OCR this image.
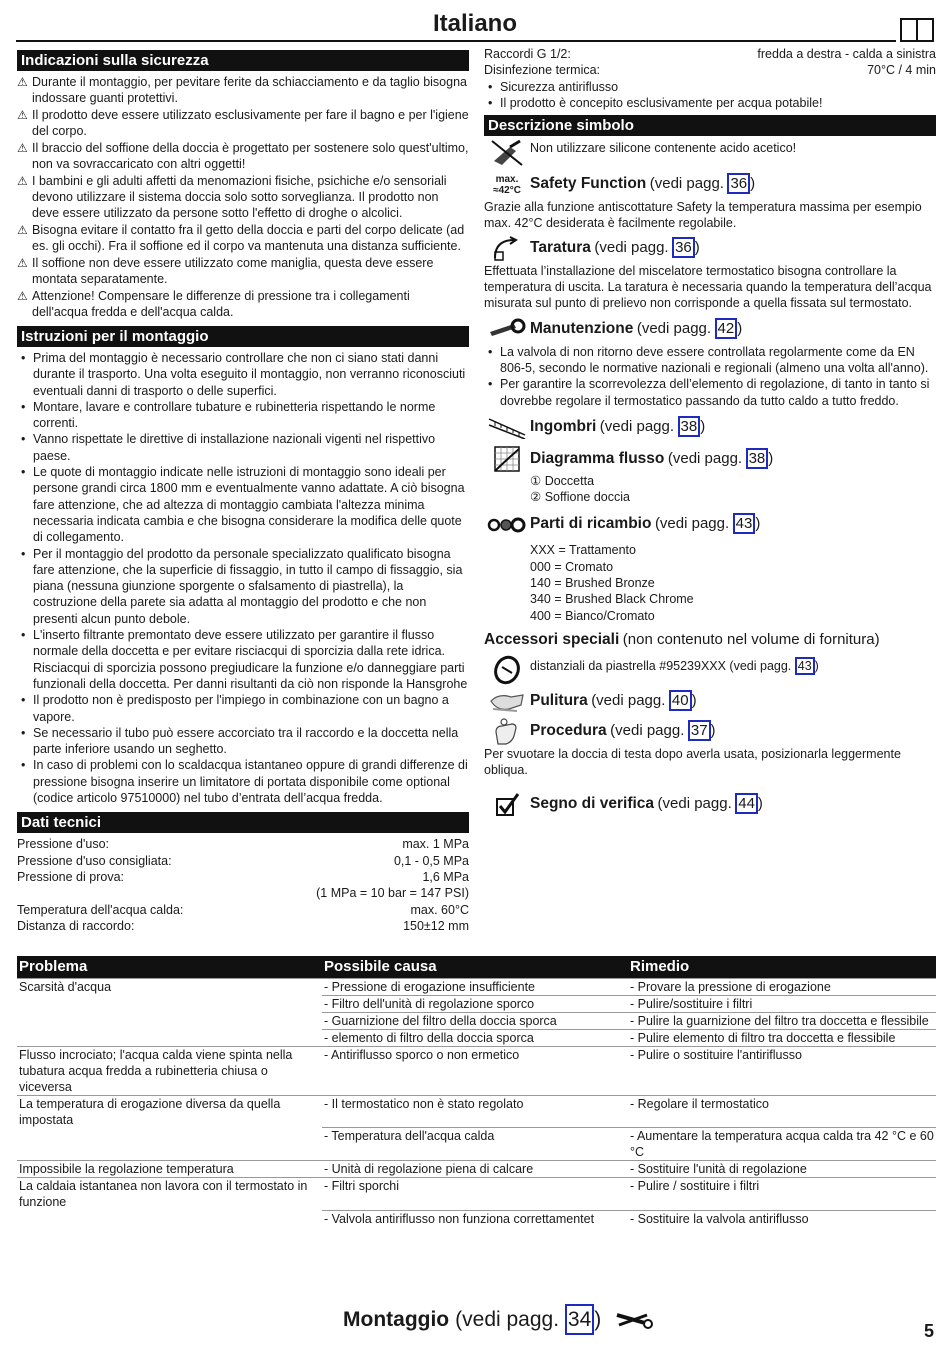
Italiano
Indicazioni sulla sicurezza
⚠ Durante il montaggio, per pevitare ferite da schiacciamento e da taglio bisogna indossare guanti protettivi.
⚠ Il prodotto deve essere utilizzato esclusivamente per fare il bagno e per l'igiene del corpo.
⚠ Il braccio del soffione della doccia è progettato per sostenere solo quest'ultimo, non va sovraccaricato con altri oggetti!
⚠ I bambini e gli adulti affetti da menomazioni fisiche, psichiche e/o sensoriali devono utilizzare il sistema doccia solo sotto sorveglianza. Il prodotto non deve essere utilizzato da persone sotto l'effetto di droghe o alcolici.
⚠ Bisogna evitare il contatto fra il getto della doccia e parti del corpo delicate (ad es. gli occhi). Fra il soffione ed il corpo va mantenuta una distanza sufficiente.
⚠ Il soffione non deve essere utilizzato come maniglia, questa deve essere montata separatamente.
⚠ Attenzione! Compensare le differenze di pressione tra i collegamenti dell'acqua fredda e dell'acqua calda.
Istruzioni per il montaggio
• Prima del montaggio è necessario controllare che non ci siano stati danni durante il trasporto. Una volta eseguito il montaggio, non verranno riconosciuti eventuali danni di trasporto o delle superfici.
• Montare, lavare e controllare tubature e rubinetteria rispettando le norme correnti.
• Vanno rispettate le direttive di installazione nazionali vigenti nel rispettivo paese.
• Le quote di montaggio indicate nelle istruzioni di montaggio sono ideali per persone grandi circa 1800 mm e eventualmente vanno adattate. A ciò bisogna fare attenzione, che ad altezza di montaggio cambiata l'altezza minima necessaria indicata cambia e che bisogna considerare la modifica delle quote di collegamento.
• Per il montaggio del prodotto da personale specializzato qualificato bisogna fare attenzione, che la superficie di fissaggio, in tutto il campo di fissaggio, sia piana (nessuna giunzione sporgente o sfalsamento di piastrella), la costruzione della parete sia adatta al montaggio del prodotto e che non presenti alcun punto debole.
• L'inserto filtrante premontato deve essere utilizzato per garantire il flusso normale della doccetta e per evitare risciacqui di sporcizia dalla rete idrica. Risciacqui di sporcizia possono pregiudicare la funzione e/o danneggiare parti funzionali della doccetta. Per danni risultanti da ciò non risponde la Hansgrohe
• Il prodotto non è predisposto per l'impiego in combinazione con un bagno a vapore.
• Se necessario il tubo può essere accorciato tra il raccordo e la doccetta nella parte inferiore usando un seghetto.
• In caso di problemi con lo scaldacqua istantaneo oppure di grandi differenze di pressione bisogna inserire un limitatore di portata disponibile come optional (codice articolo 97510000) nel tubo d’entrata dell’acqua fredda.
Dati tecnici
Pressione d'uso:	max. 1 MPa
Pressione d'uso consigliata:	0,1 - 0,5 MPa
Pressione di prova:	1,6 MPa
(1 MPa = 10 bar = 147 PSI)
Temperatura dell'acqua calda:	max. 60°C
Distanza di raccordo:	150±12 mm
Raccordi G 1/2:	fredda a destra - calda a sinistra
Disinfezione termica:	70°C / 4 min
• Sicurezza antiriflusso
• Il prodotto è concepito esclusivamente per acqua potabile!
Descrizione simbolo
Non utilizzare silicone contenente acido acetico!
max.
≈42°C Safety Function (vedi pagg. 36 )
Grazie alla funzione antiscottature Safety la temperatura massima per esempio max. 42°C desiderata è facilmente regolabile.
Taratura (vedi pagg. 36 )
Effettuata l’installazione del miscelatore termostatico bisogna controllare la temperatura di uscita. La taratura è necessaria quando la temperatura dell’acqua misurata sul punto di prelievo non corrisponde a quella fissata sul termostato.
Manutenzione (vedi pagg. 42 )
• La valvola di non ritorno deve essere controllata regolarmente come da EN 806-5, secondo le normative nazionali e regionali (almeno una volta all'anno).
• Per garantire la scorrevolezza dell’elemento di regolazione, di tanto in tanto si dovrebbe regolare il termostatico passando da tutto caldo a tutto freddo.
Ingombri (vedi pagg. 38 )
Diagramma flusso (vedi pagg. 38 )
① Doccetta
② Soffione doccia
Parti di ricambio (vedi pagg. 43 )
XXX = Trattamento
000 = Cromato
140 = Brushed Bronze
340 = Brushed Black Chrome
400 = Bianco/Cromato
Accessori speciali (non contenuto nel volume di fornitura)
distanziali da piastrella #95239XXX (vedi pagg. 43 )
Pulitura (vedi pagg. 40 )
Procedura (vedi pagg. 37 )
Per svuotare la doccia di testa dopo averla usata, posizionarla leggermente obliqua.
Segno di verifica (vedi pagg. 44 )
Problema	Possibile causa	Rimedio
Scarsità d'acqua	- Pressione di erogazione insufficiente	- Provare la pressione di erogazione
	- Filtro dell'unità di regolazione sporco	- Pulire/sostituire i filtri
	- Guarnizione del filtro della doccia sporca	- Pulire la guarnizione del filtro tra doccetta e flessibile
	- elemento di filtro della doccia sporca	- Pulire elemento di filtro tra doccetta e flessibile
Flusso incrociato; l'acqua calda viene spinta nella tubatura acqua fredda a rubinetteria chiusa o viceversa	- Antiriflusso sporco o non ermetico	- Pulire o sostituire l'antiriflusso
La temperatura di erogazione diversa da quella impostata	- Il termostatico non è stato regolato	- Regolare il termostatico
	- Temperatura dell'acqua calda	- Aumentare la temperatura acqua calda tra 42 °C e 60 °C
Impossibile la regolazione temperatura	- Unità di regolazione piena di calcare	- Sostituire l'unità di regolazione
La caldaia istantanea non lavora con il termostato in funzione	- Filtri sporchi	- Pulire / sostituire i filtri
	- Valvola antiriflusso non funziona correttamentet	- Sostituire la valvola antiriflusso
Montaggio (vedi pagg.
34 )	5
